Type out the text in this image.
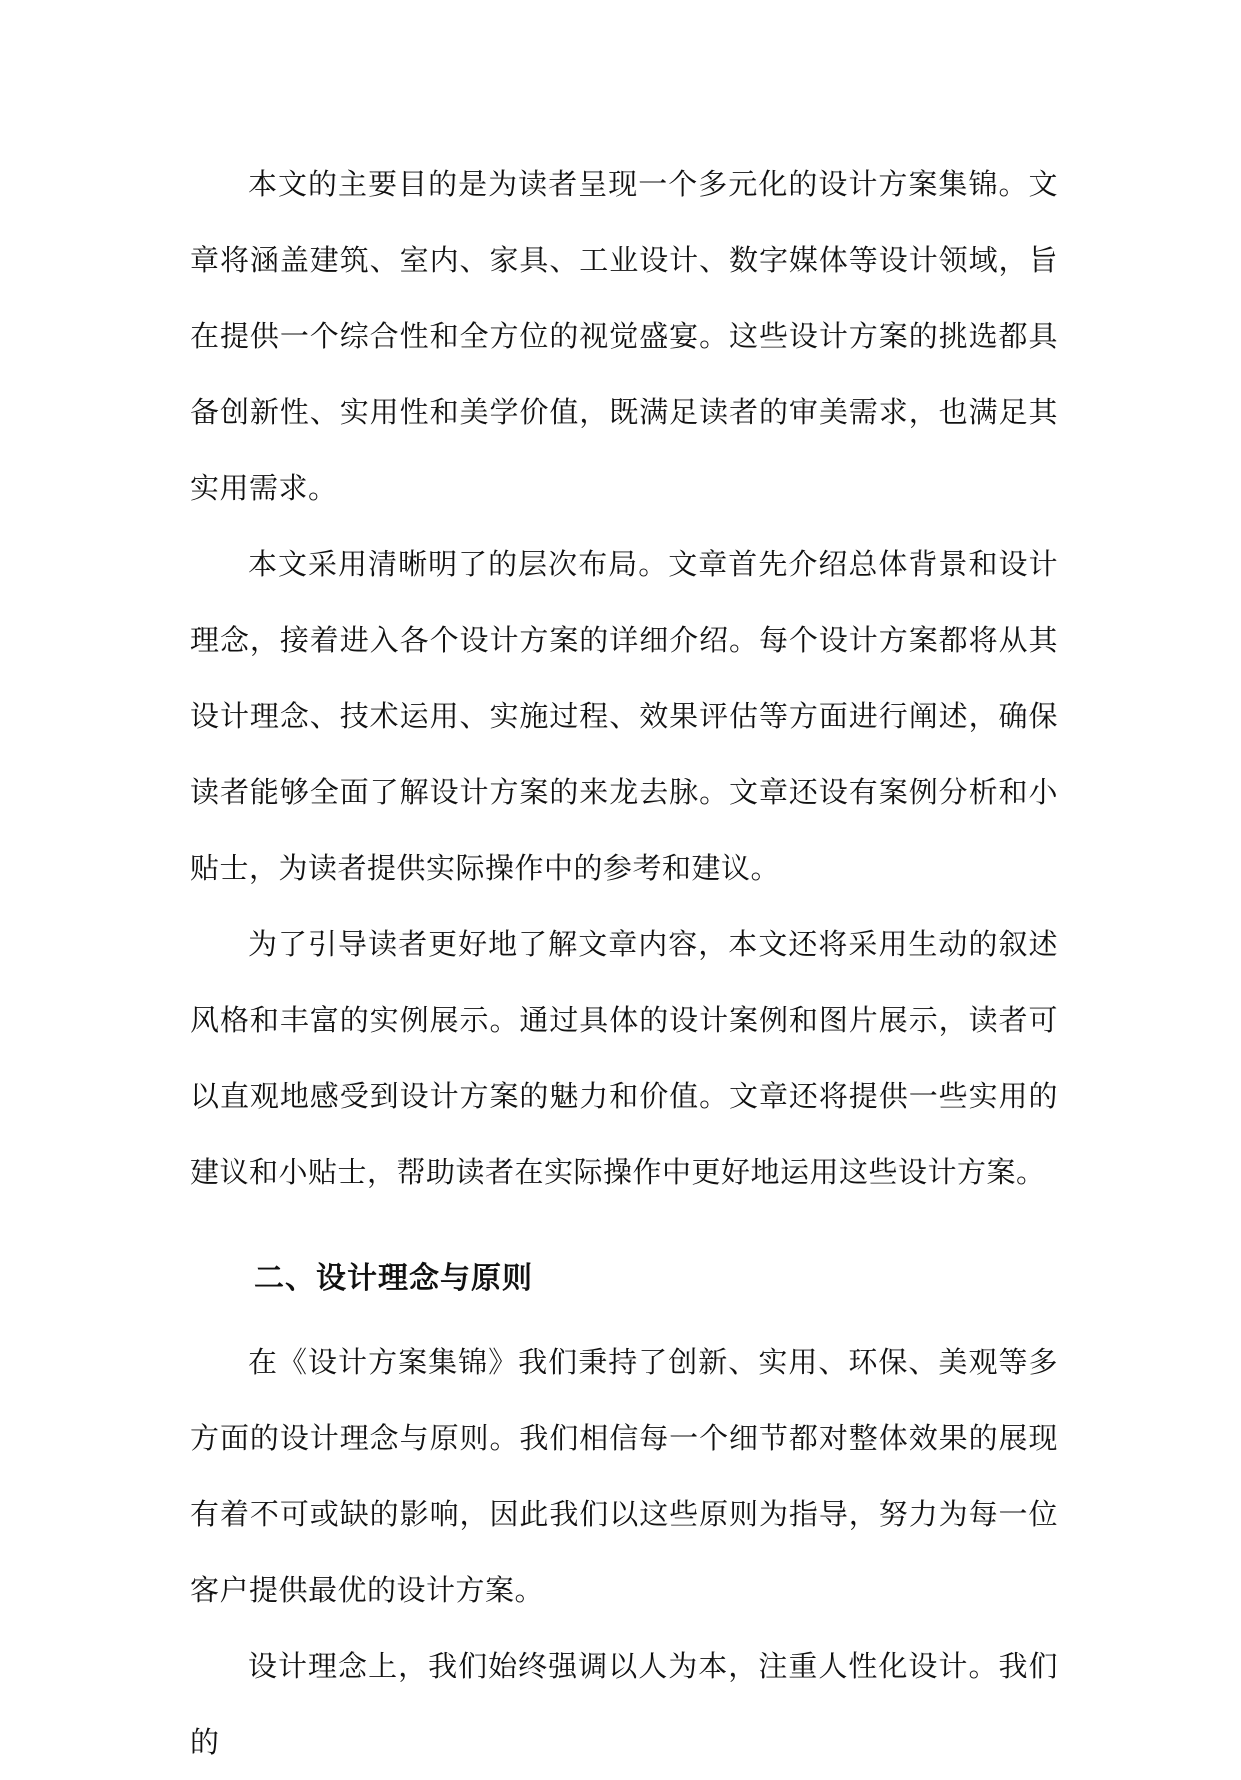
本文的主要目的是为读者呈现一个多元化的设计方案集锦。文章将涵盖建筑、室内、家具、工业设计、数字媒体等设计领域，旨在提供一个综合性和全方位的视觉盛宴。这些设计方案的挑选都具备创新性、实用性和美学价值，既满足读者的审美需求，也满足其实用需求。

本文采用清晰明了的层次布局。文章首先介绍总体背景和设计理念，接着进入各个设计方案的详细介绍。每个设计方案都将从其设计理念、技术运用、实施过程、效果评估等方面进行阐述，确保读者能够全面了解设计方案的来龙去脉。文章还设有案例分析和小贴士，为读者提供实际操作中的参考和建议。

为了引导读者更好地了解文章内容，本文还将采用生动的叙述风格和丰富的实例展示。通过具体的设计案例和图片展示，读者可以直观地感受到设计方案的魅力和价值。文章还将提供一些实用的建议和小贴士，帮助读者在实际操作中更好地运用这些设计方案。

二、设计理念与原则

在《设计方案集锦》我们秉持了创新、实用、环保、美观等多方面的设计理念与原则。我们相信每一个细节都对整体效果的展现有着不可或缺的影响，因此我们以这些原则为指导，努力为每一位客户提供最优的设计方案。

设计理念上，我们始终强调以人为本，注重人性化设计。我们的
